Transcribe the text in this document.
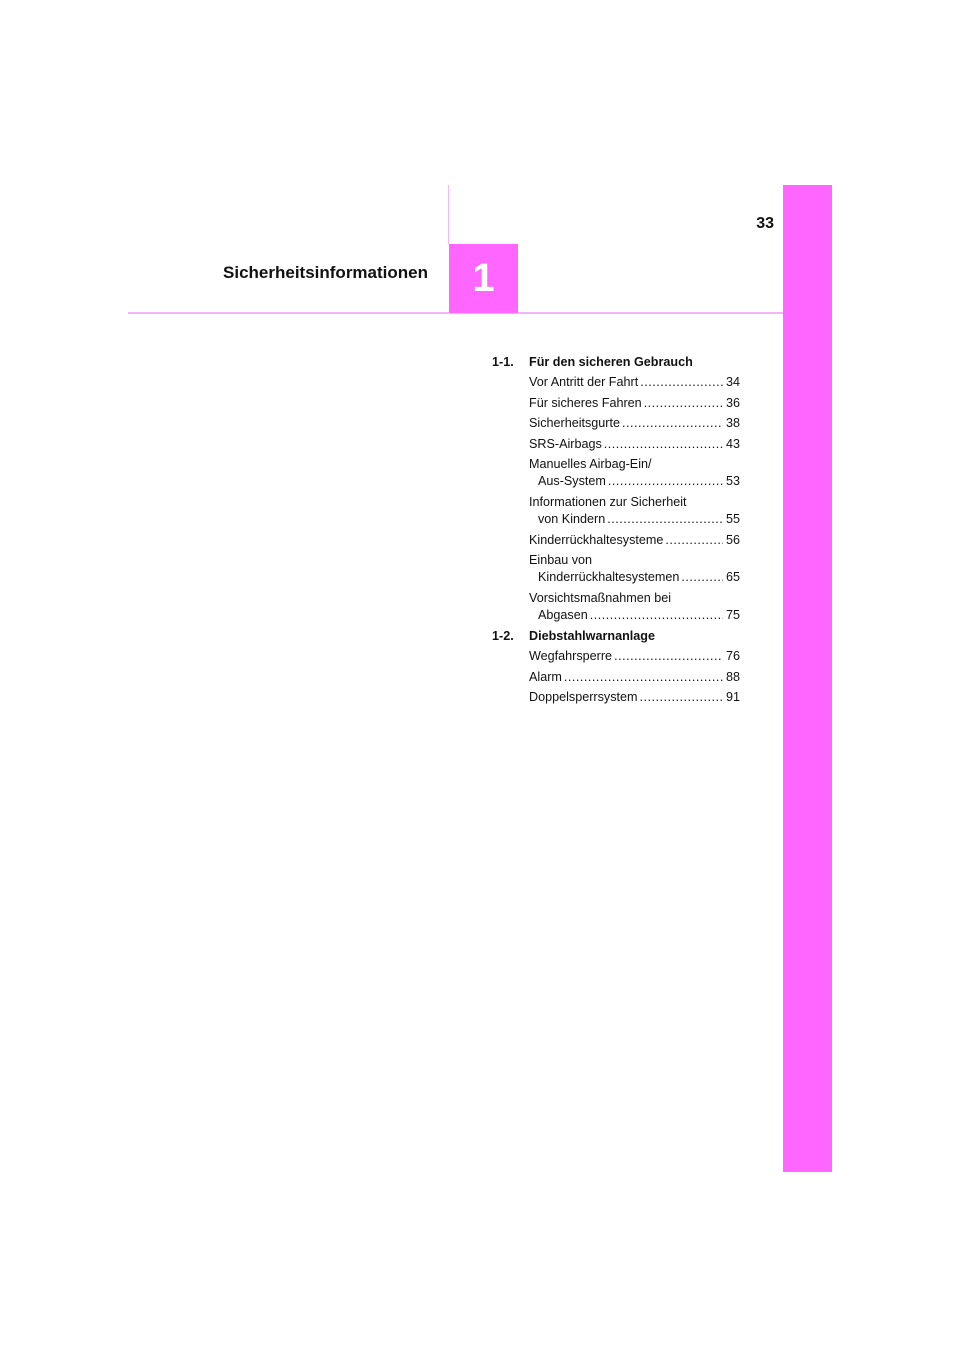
1
33
Sicherheitsinformationen
1-1.	Für den sicheren Gebrauch
Vor Antritt der Fahrt .....	34
Für sicheres Fahren .....	36
Sicherheitsgurte .....	38
SRS-Airbags .....	43
Manuelles Airbag-Ein/
Aus-System .....	53
Informationen zur Sicherheit
von Kindern .....	55
Kinderrückhaltesysteme .....	56
Einbau von
Kinderrückhaltesystemen .....	65
Vorsichtsmaßnahmen bei
Abgasen .....	75
1-2.	Diebstahlwarnanlage
Wegfahrsperre .....	76
Alarm .....	88
Doppelsperrsystem .....	91
